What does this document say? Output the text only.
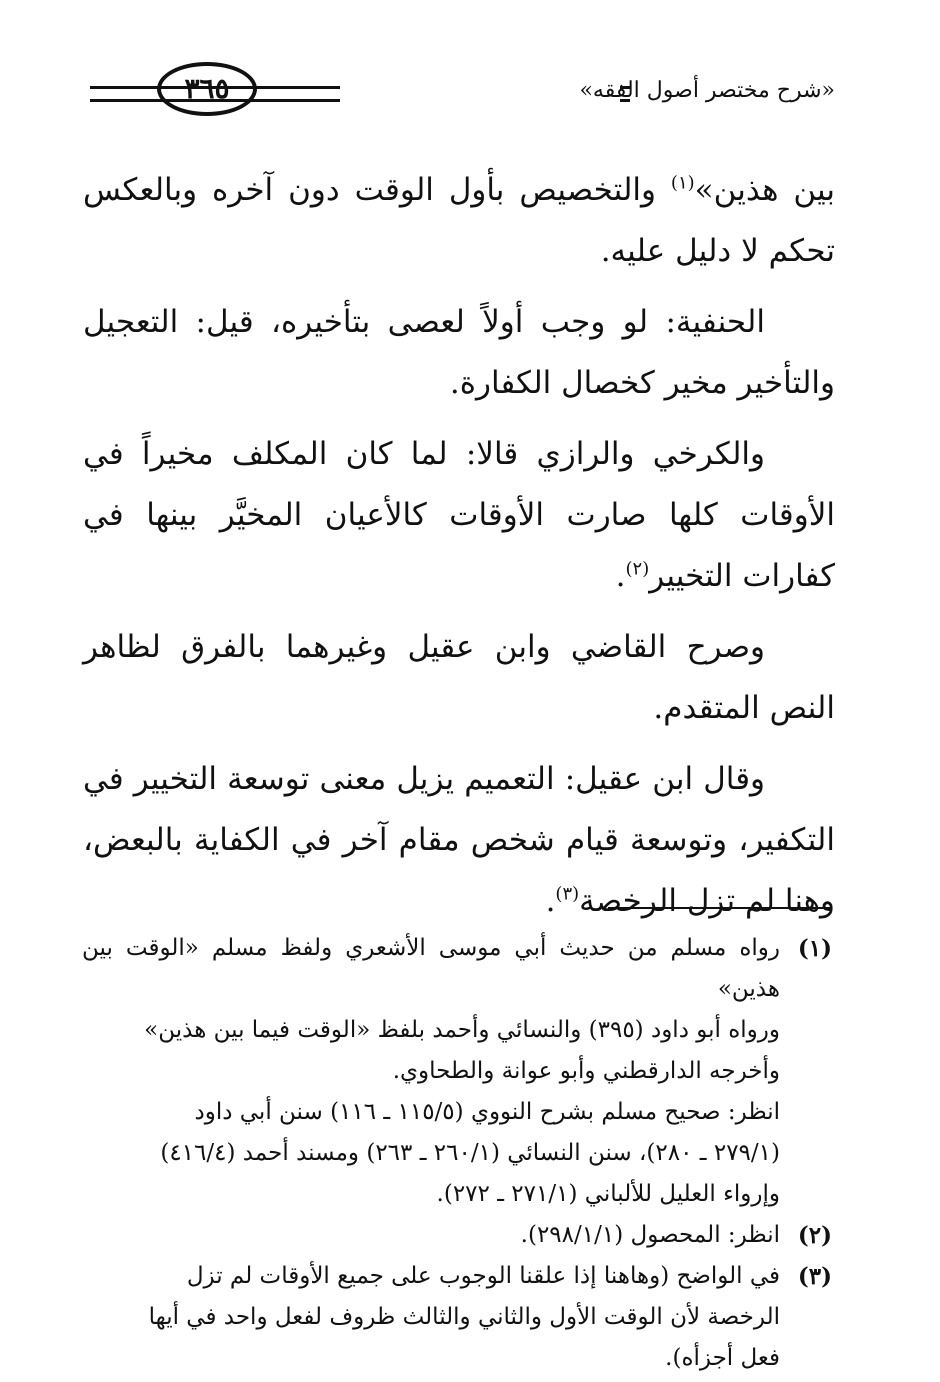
«شرح مختصر أصول الفقه»
٣٦٥

بين هذين»$^{(١)}$ والتخصيص بأول الوقت دون آخره وبالعكس تحكم لا دليل عليه.

الحنفية: لو وجب أولاً لعصى بتأخيره، قيل: التعجيل والتأخير مخير كخصال الكفارة.

والكرخي والرازي قالا: لما كان المكلف مخيراً في الأوقات كلها صارت الأوقات كالأعيان المخيَّر بينها في كفارات التخيير$^{(٢)}$.

وصرح القاضي وابن عقيل وغيرهما بالفرق لظاهر النص المتقدم.

وقال ابن عقيل: التعميم يزيل معنى توسعة التخيير في التكفير، وتوسعة قيام شخص مقام آخر في الكفاية بالبعض، وهنا لم تزل الرخصة$^{(٣)}$.

(١)
رواه مسلم من حديث أبي موسى الأشعري ولفظ مسلم «الوقت بين هذين»
ورواه أبو داود (٣٩٥) والنسائي وأحمد بلفظ «الوقت فيما بين هذين»
وأخرجه الدارقطني وأبو عوانة والطحاوي.
انظر: صحيح مسلم بشرح النووي (١١٥/٥ ـ ١١٦) سنن أبي داود
(٢٧٩/١ ـ ٢٨٠)، سنن النسائي (٢٦٠/١ ـ ٢٦٣) ومسند أحمد (٤١٦/٤)
وإرواء العليل للألباني (٢٧١/١ ـ ٢٧٢).
(٢)
انظر: المحصول (٢٩٨/١/١).
(٣)
في الواضح (وهاهنا إذا علقنا الوجوب على جميع الأوقات لم تزل
الرخصة لأن الوقت الأول والثاني والثالث ظروف لفعل واحد في أيها
فعل أجزأه).
